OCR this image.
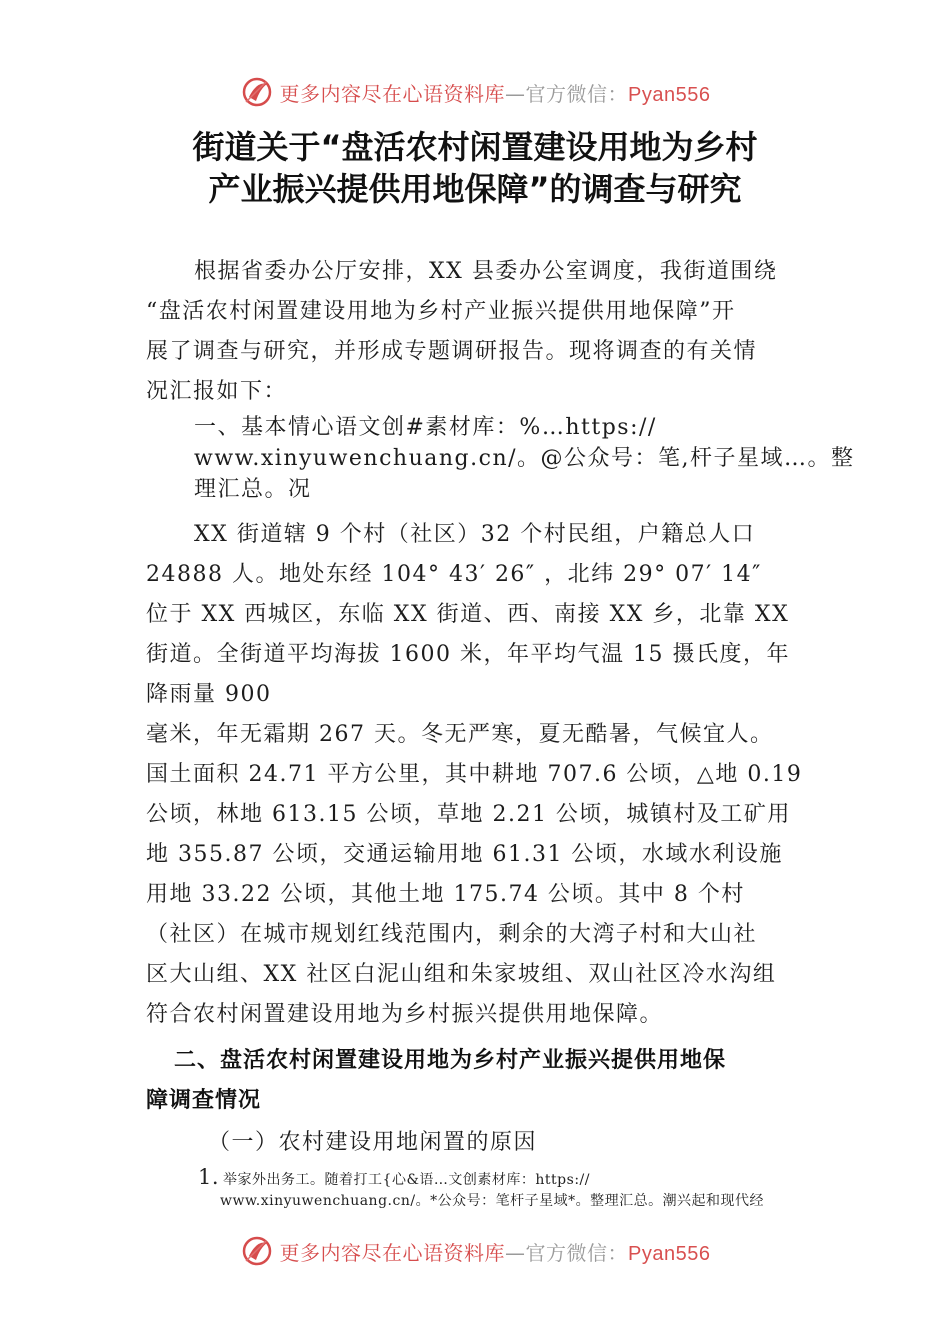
更多内容尽在心语资料库—官方微信：Pyan556
街道关于“盘活农村闲置建设用地为乡村
产业振兴提供用地保障”的调查与研究
根据省委办公厅安排，XX 县委办公室调度，我街道围绕
“盘活农村闲置建设用地为乡村产业振兴提供用地保障”开
展了调查与研究，并形成专题调研报告。现将调查的有关情
况汇报如下：
一、基本情心语文创#素材库：%…https://
www.xinyuwenchuang.cn/。@公众号：笔,杆子星域…。整
理汇总。况
XX 街道辖 9 个村（社区）32 个村民组，户籍总人口
24888 人。地处东经 104° 43′ 26″ ，北纬 29° 07′ 14″
位于 XX 西城区，东临 XX 街道、西、南接 XX 乡，北靠 XX
街道。全街道平均海拔 1600 米，年平均气温 15 摄氏度，年
降雨量 900
毫米，年无霜期 267 天。冬无严寒，夏无酷暑，气候宜人。
国土面积 24.71 平方公里，其中耕地 707.6 公顷，△地 0.19
公顷，林地 613.15 公顷，草地 2.21 公顷，城镇村及工矿用
地 355.87 公顷，交通运输用地 61.31 公顷，水域水利设施
用地 33.22 公顷，其他土地 175.74 公顷。其中 8 个村
（社区）在城市规划红线范围内，剩余的大湾子村和大山社
区大山组、XX 社区白泥山组和朱家坡组、双山社区冷水沟组
符合农村闲置建设用地为乡村振兴提供用地保障。
二、盘活农村闲置建设用地为乡村产业振兴提供用地保
障调查情况
（一）农村建设用地闲置的原因
1. 举家外出务工。随着打工{心&语…文创素材库：https://
www.xinyuwenchuang.cn/。*公众号：笔杆子星域*。整理汇总。潮兴起和现代经
更多内容尽在心语资料库—官方微信：Pyan556
